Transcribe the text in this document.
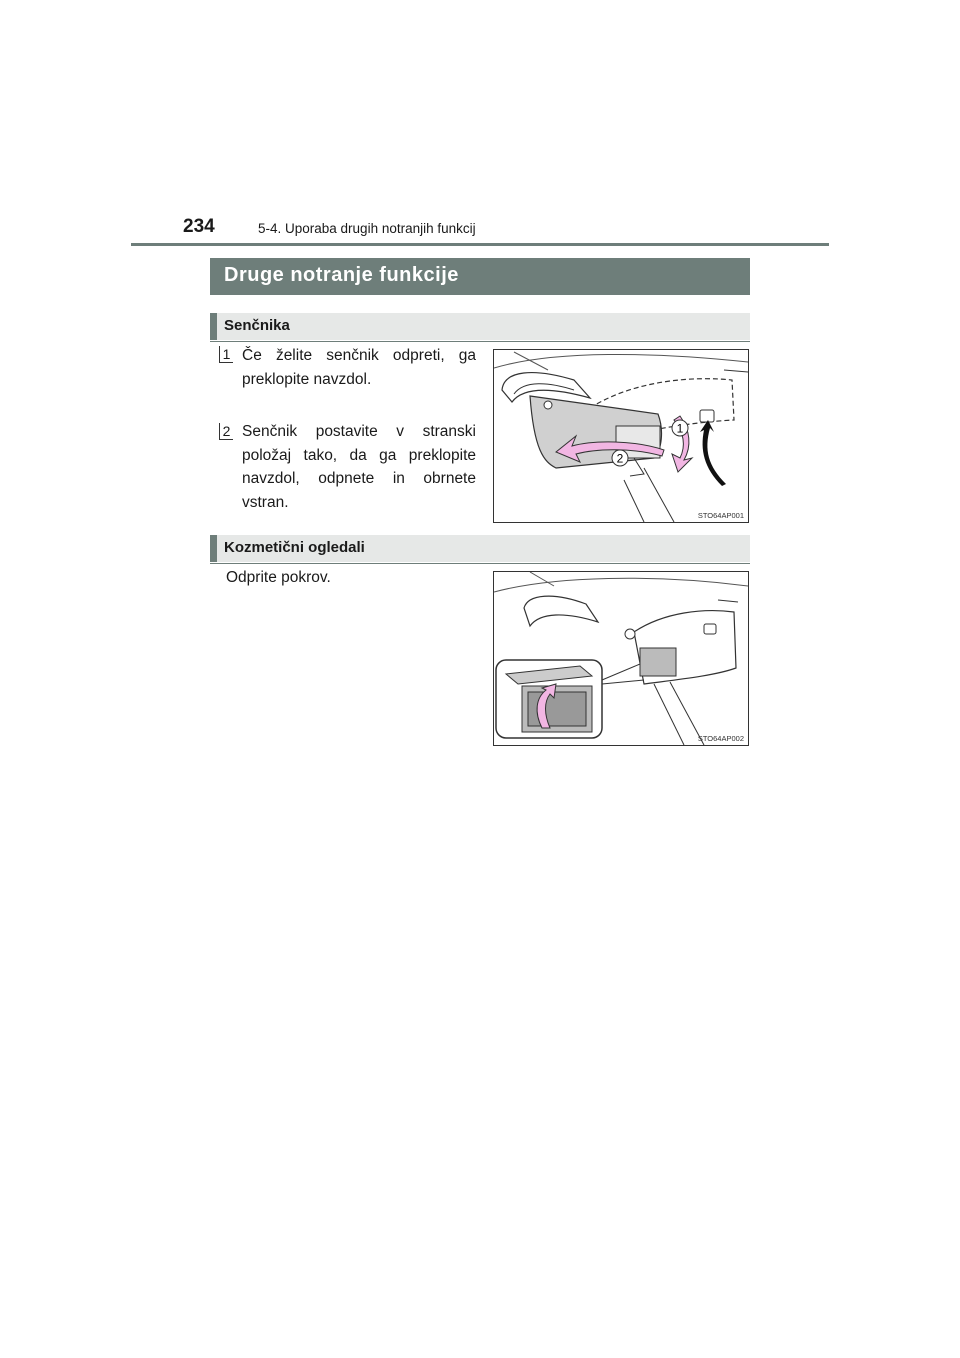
234	5-4. Uporaba drugih notranjih funkcij
Druge notranje funkcije
Senčnika
1 Če želite senčnik odpreti, ga preklopite navzdol.
2 Senčnik postavite v stranski položaj tako, da ga preklopite navzdol, odpnete in obrnete vstran.
1
2
STO64AP001
Kozmetični ogledali
Odprite pokrov.
STO64AP002
